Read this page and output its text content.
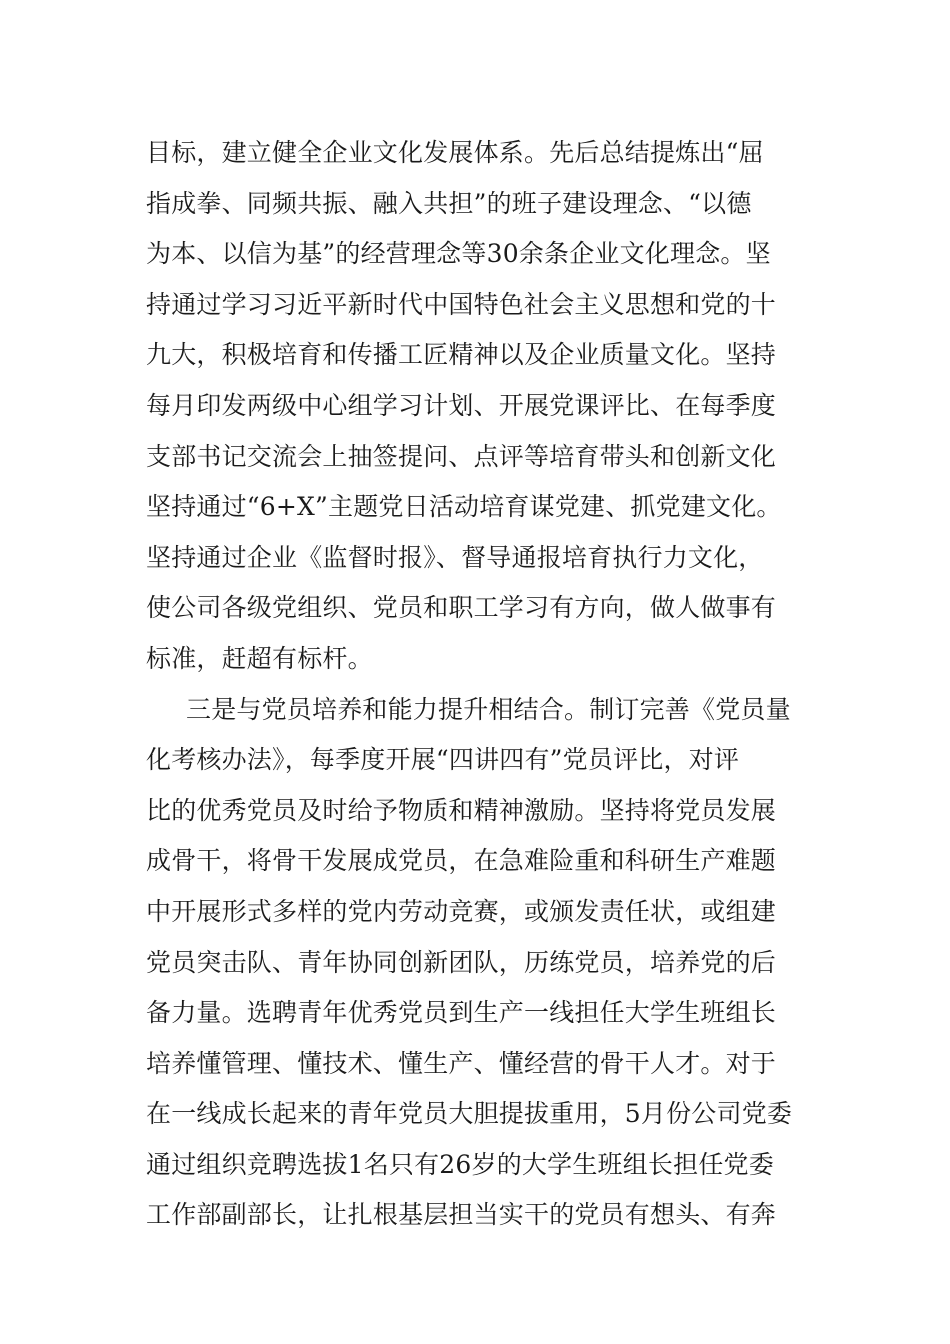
目标，建立健全企业文化发展体系。先后总结提炼出“屈
指成拳、同频共振、融入共担”的班子建设理念、“以德
为本、以信为基”的经营理念等30余条企业文化理念。坚
持通过学习习近平新时代中国特色社会主义思想和党的十
九大，积极培育和传播工匠精神以及企业质量文化。坚持
每月印发两级中心组学习计划、开展党课评比、在每季度
支部书记交流会上抽签提问、点评等培育带头和创新文化
坚持通过“6+X”主题党日活动培育谋党建、抓党建文化。
坚持通过企业《监督时报》、督导通报培育执行力文化，
使公司各级党组织、党员和职工学习有方向，做人做事有
标准，赶超有标杆。
三是与党员培养和能力提升相结合。制订完善《党员量
化考核办法》，每季度开展“四讲四有”党员评比，对评
比的优秀党员及时给予物质和精神激励。坚持将党员发展
成骨干，将骨干发展成党员，在急难险重和科研生产难题
中开展形式多样的党内劳动竞赛，或颁发责任状，或组建
党员突击队、青年协同创新团队，历练党员，培养党的后
备力量。选聘青年优秀党员到生产一线担任大学生班组长
培养懂管理、懂技术、懂生产、懂经营的骨干人才。对于
在一线成长起来的青年党员大胆提拔重用，5月份公司党委
通过组织竞聘选拔1名只有26岁的大学生班组长担任党委
工作部副部长，让扎根基层担当实干的党员有想头、有奔
